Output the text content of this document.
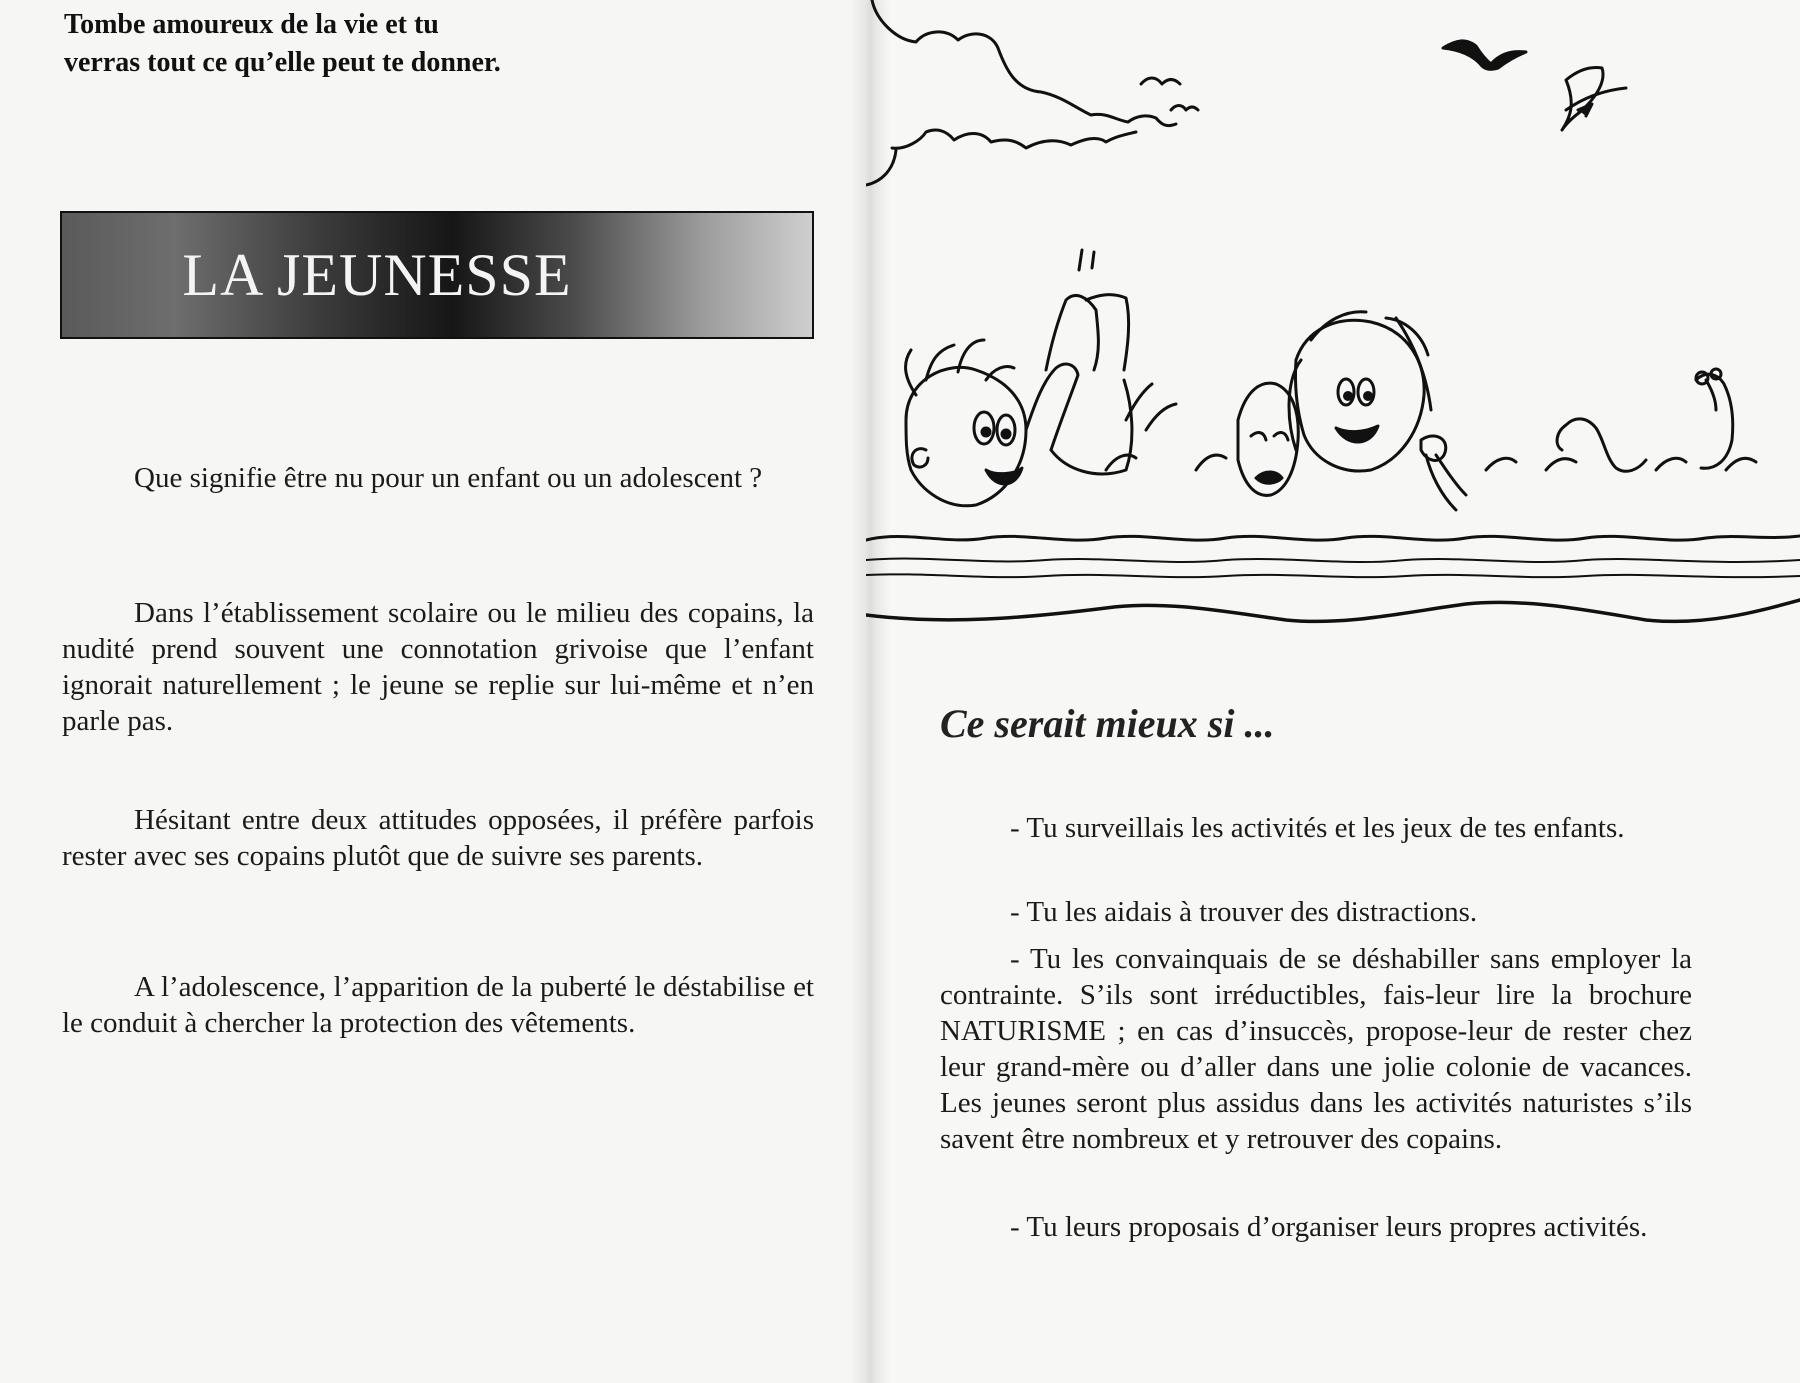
Tombe amoureux de la vie et tu verras tout ce qu’elle peut te donner.
LA JEUNESSE

Que signifie être nu pour un enfant ou un adolescent ?

Dans l’établissement scolaire ou le milieu des copains, la nudité prend souvent une connotation grivoise que l’enfant ignorait naturellement ; le jeune se replie sur lui-même et n’en parle pas.

Hésitant entre deux attitudes opposées, il préfère parfois rester avec ses copains plutôt que de suivre ses parents.

A l’adolescence, l’apparition de la puberté le déstabilise et le conduit à chercher la protection des vêtements.

Ce serait mieux si ...

- Tu surveillais les activités et les jeux de tes enfants.

- Tu les aidais à trouver des distractions.

- Tu les convainquais de se déshabiller sans employer la contrainte. S’ils sont irréductibles, fais-leur lire la brochure NATURISME ; en cas d’insuccès, propose-leur de rester chez leur grand-mère ou d’aller dans une jolie colonie de vacances. Les jeunes seront plus assidus dans les activités naturistes s’ils savent être nombreux et y retrouver des copains.

- Tu leurs proposais d’organiser leurs propres activités.
